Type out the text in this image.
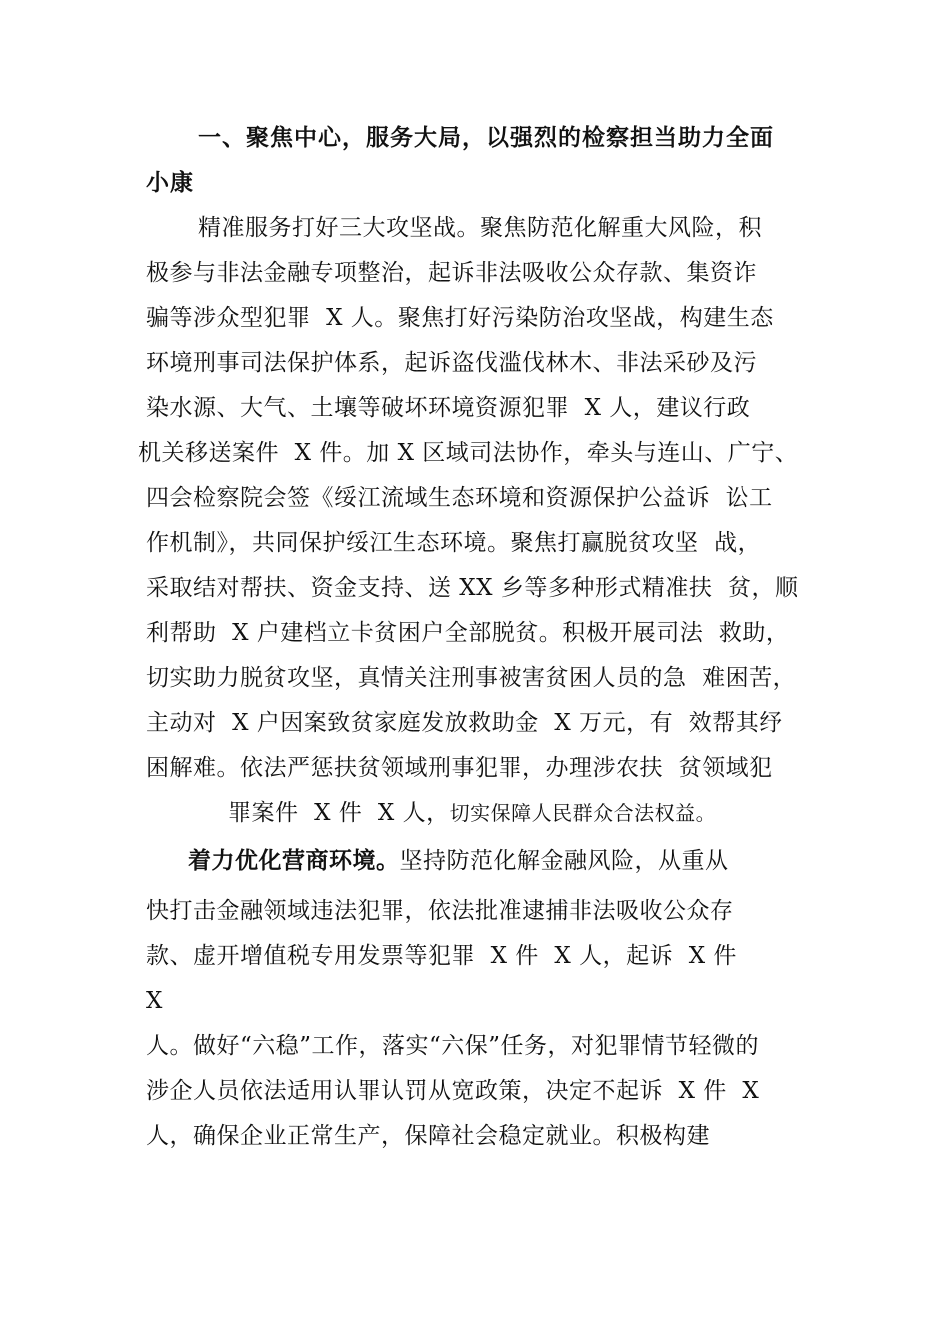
一、聚焦中心，服务大局，以强烈的检察担当助力全面
小康
精准服务打好三大攻坚战。聚焦防范化解重大风险，积
极参与非法金融专项整治，起诉非法吸收公众存款、集资诈
骗等涉众型犯罪  X 人。聚焦打好污染防治攻坚战，构建生态
环境刑事司法保护体系，起诉盗伐滥伐林木、非法采砂及污
染水源、大气、土壤等破坏环境资源犯罪  X 人，建议行政
机关移送案件  X 件。加 X 区域司法协作，牵头与连山、广宁、
四会检察院会签《绥江流域生态环境和资源保护公益诉  讼工
作机制》，共同保护绥江生态环境。聚焦打赢脱贫攻坚  战，
采取结对帮扶、资金支持、送 XX 乡等多种形式精准扶  贫，顺
利帮助  X 户建档立卡贫困户全部脱贫。积极开展司法  救助，
切实助力脱贫攻坚，真情关注刑事被害贫困人员的急  难困苦，
主动对  X 户因案致贫家庭发放救助金  X 万元，有  效帮其纾
困解难。依法严惩扶贫领域刑事犯罪，办理涉农扶  贫领域犯
罪案件  X 件  X 人，切实保障人民群众合法权益。
着力优化营商环境。坚持防范化解金融风险，从重从
快打击金融领域违法犯罪，依法批准逮捕非法吸收公众存
款、虚开增值税专用发票等犯罪  X 件  X 人，起诉  X 件
X
人。做好“六稳”工作，落实“六保”任务，对犯罪情节轻微的
涉企人员依法适用认罪认罚从宽政策，决定不起诉  X 件  X
人，确保企业正常生产，保障社会稳定就业。积极构建
